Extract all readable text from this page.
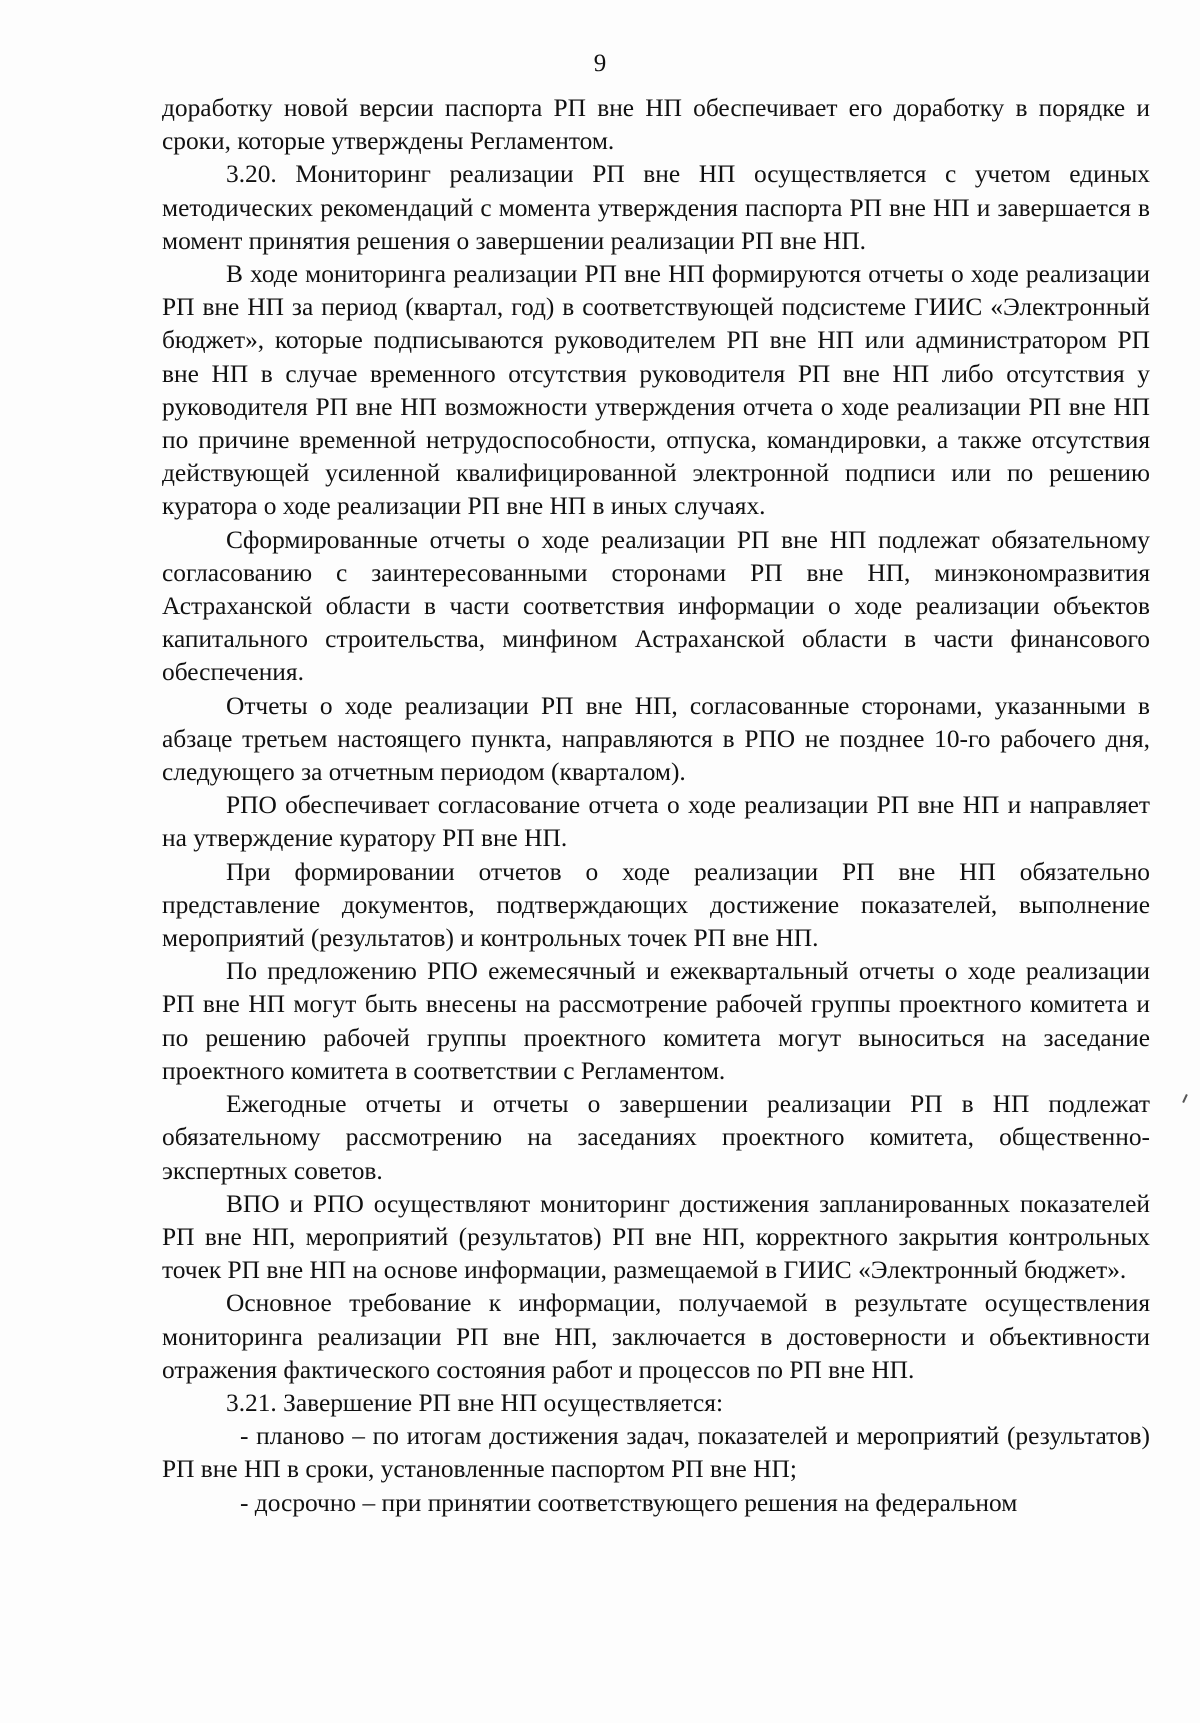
9

доработку новой версии паспорта РП вне НП обеспечивает его доработку в порядке и сроки, которые утверждены Регламентом.

3.20. Мониторинг реализации РП вне НП осуществляется с учетом единых методических рекомендаций с момента утверждения паспорта РП вне НП и завершается в момент принятия решения о завершении реализации РП вне НП.

В ходе мониторинга реализации РП вне НП формируются отчеты о ходе реализации РП вне НП за период (квартал, год) в соответствующей подсистеме ГИИС «Электронный бюджет», которые подписываются руководителем РП вне НП или администратором РП вне НП в случае временного отсутствия руководителя РП вне НП либо отсутствия у руководителя РП вне НП возможности утверждения отчета о ходе реализации РП вне НП по причине временной нетрудоспособности, отпуска, командировки, а также отсутствия действующей усиленной квалифицированной электронной подписи или по решению куратора о ходе реализации РП вне НП в иных случаях.

Сформированные отчеты о ходе реализации РП вне НП подлежат обязательному согласованию с заинтересованными сторонами РП вне НП, минэкономразвития Астраханской области в части соответствия информации о ходе реализации объектов капитального строительства, минфином Астраханской области в части финансового обеспечения.

Отчеты о ходе реализации РП вне НП, согласованные сторонами, указанными в абзаце третьем настоящего пункта, направляются в РПО не позднее 10-го рабочего дня, следующего за отчетным периодом (кварталом).

РПО обеспечивает согласование отчета о ходе реализации РП вне НП и направляет на утверждение куратору РП вне НП.

При формировании отчетов о ходе реализации РП вне НП обязательно представление документов, подтверждающих достижение показателей, выполнение мероприятий (результатов) и контрольных точек РП вне НП.

По предложению РПО ежемесячный и ежеквартальный отчеты о ходе реализации РП вне НП могут быть внесены на рассмотрение рабочей группы проектного комитета и по решению рабочей группы проектного комитета могут выноситься на заседание проектного комитета в соответствии с Регламентом.

Ежегодные отчеты и отчеты о завершении реализации РП в НП подлежат обязательному рассмотрению на заседаниях проектного комитета, общественно-экспертных советов.

ВПО и РПО осуществляют мониторинг достижения запланированных показателей РП вне НП, мероприятий (результатов) РП вне НП, корректного закрытия контрольных точек РП вне НП на основе информации, размещаемой в ГИИС «Электронный бюджет».

Основное требование к информации, получаемой в результате осуществления мониторинга реализации РП вне НП, заключается в достоверности и объективности отражения фактического состояния работ и процессов по РП вне НП.

3.21. Завершение РП вне НП осуществляется:

- планово – по итогам достижения задач, показателей и мероприятий (результатов) РП вне НП в сроки, установленные паспортом РП вне НП;

- досрочно – при принятии соответствующего решения на федеральном
